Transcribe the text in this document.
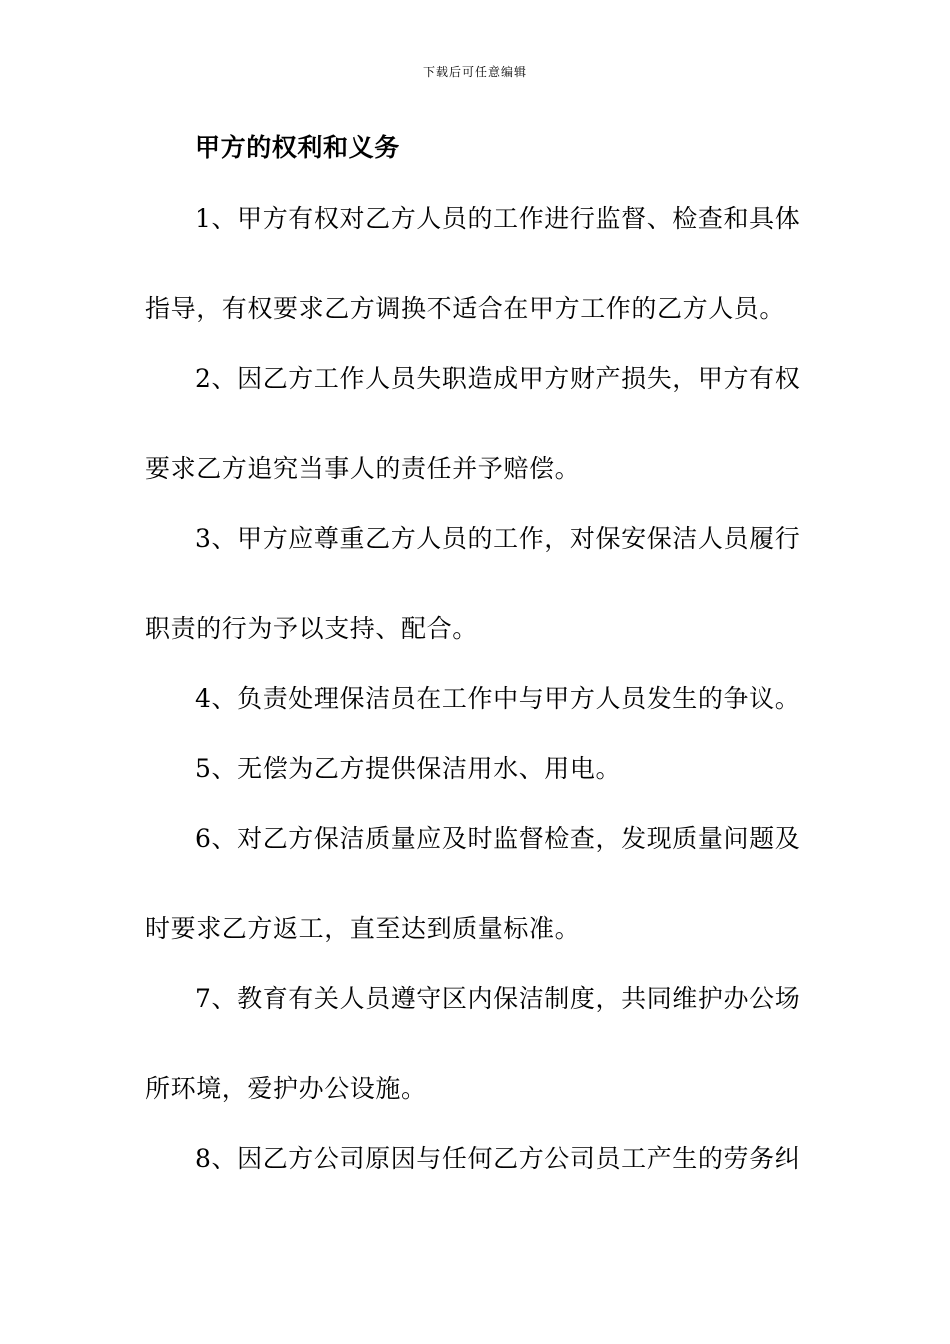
下载后可任意编辑
甲方的权利和义务
1、甲方有权对乙方人员的工作进行监督、检查和具体
指导，有权要求乙方调换不适合在甲方工作的乙方人员。
2、因乙方工作人员失职造成甲方财产损失，甲方有权
要求乙方追究当事人的责任并予赔偿。
3、甲方应尊重乙方人员的工作，对保安保洁人员履行
职责的行为予以支持、配合。
4、负责处理保洁员在工作中与甲方人员发生的争议。
5、无偿为乙方提供保洁用水、用电。
6、对乙方保洁质量应及时监督检查，发现质量问题及
时要求乙方返工，直至达到质量标准。
7、教育有关人员遵守区内保洁制度，共同维护办公场
所环境，爱护办公设施。
8、因乙方公司原因与任何乙方公司员工产生的劳务纠
